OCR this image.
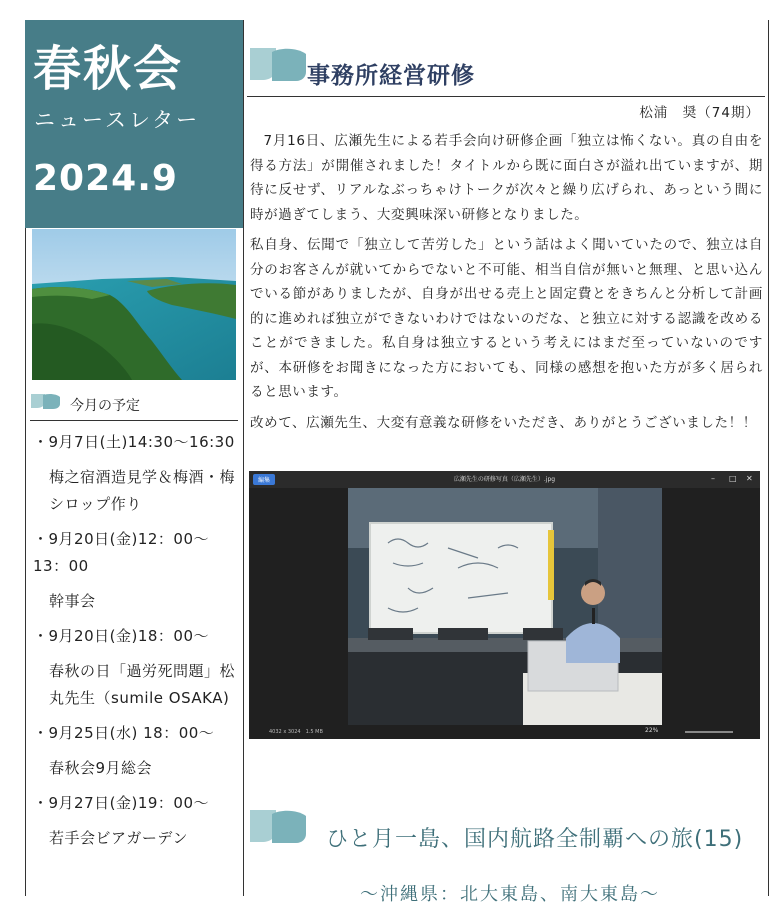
春秋会
ニュースレター
2024.9
今月の予定

・9月7日(土)14:30～16:30

梅之宿酒造見学＆梅酒・梅シロップ作り

・9月20日(金)12：00～13：00

幹事会

・9月20日(金)18：00～

春秋の日「過労死問題」松丸先生（sumile OSAKA)

・9月25日(水) 18：00～

春秋会9月総会

・9月27日(金)19：00～

若手会ビアガーデン

事務所経営研修
松浦　奨（74期）

7月16日、広瀬先生による若手会向け研修企画「独立は怖くない。真の自由を得る方法」が開催されました！タイトルから既に面白さが溢れ出ていますが、期待に反せず、リアルなぶっちゃけトークが次々と繰り広げられ、あっという間に時が過ぎてしまう、大変興味深い研修となりました。

私自身、伝聞で「独立して苦労した」という話はよく聞いていたので、独立は自分のお客さんが就いてからでないと不可能、相当自信が無いと無理、と思い込んでいる節がありましたが、自身が出せる売上と固定費とをきちんと分析して計画的に進めれば独立ができないわけではないのだな、と独立に対する認識を改めることができました。私自身は独立するという考えにはまだ至っていないのですが、本研修をお聞きになった方においても、同様の感想を抱いた方が多く居られると思います。

改めて、広瀬先生、大変有意義な研修をいただき、ありがとうございました！！

編集	広瀬先生の研修写真（広瀬先生）.jpg	– □ ✕
4032 x 3024　1.5 MB	22%
ひと月一島、国内航路全制覇への旅(15)
～沖縄県：北大東島、南大東島～
